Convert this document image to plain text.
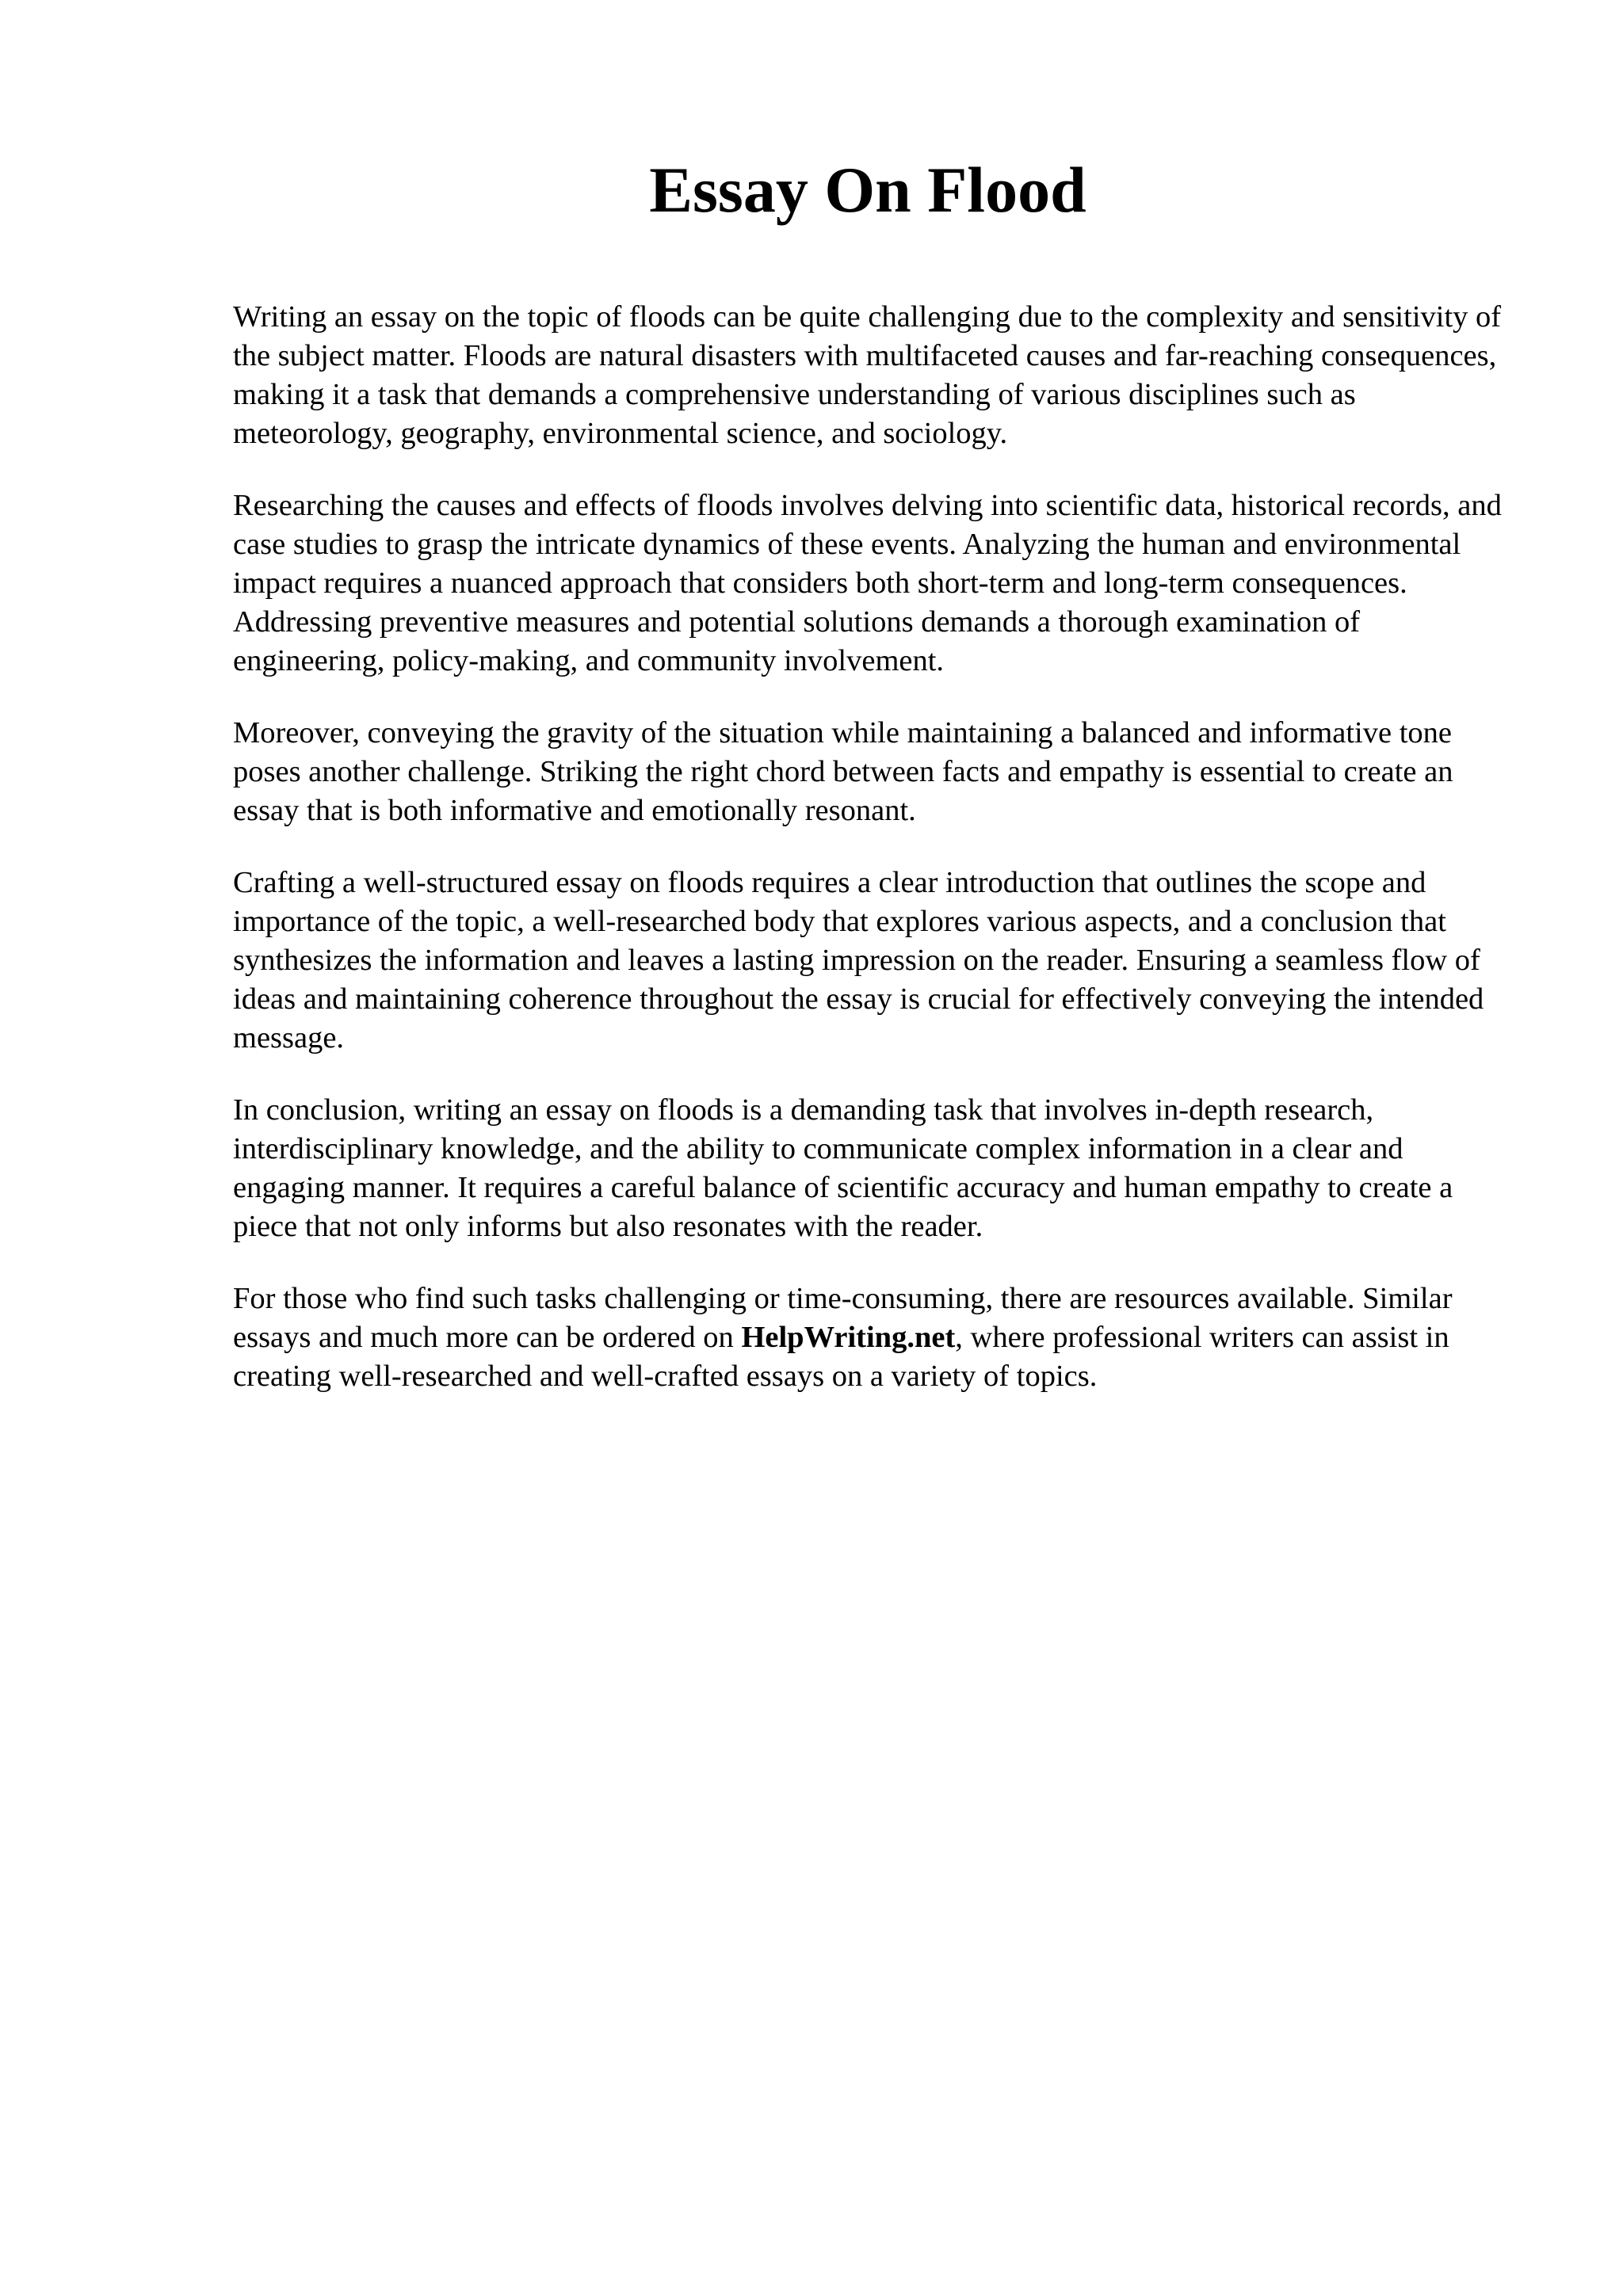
Essay On Flood

Writing an essay on the topic of floods can be quite challenging due to the complexity and sensitivity of the subject matter. Floods are natural disasters with multifaceted causes and far-reaching consequences, making it a task that demands a comprehensive understanding of various disciplines such as meteorology, geography, environmental science, and sociology.

Researching the causes and effects of floods involves delving into scientific data, historical records, and case studies to grasp the intricate dynamics of these events. Analyzing the human and environmental impact requires a nuanced approach that considers both short-term and long-term consequences. Addressing preventive measures and potential solutions demands a thorough examination of engineering, policy-making, and community involvement.

Moreover, conveying the gravity of the situation while maintaining a balanced and informative tone poses another challenge. Striking the right chord between facts and empathy is essential to create an essay that is both informative and emotionally resonant.

Crafting a well-structured essay on floods requires a clear introduction that outlines the scope and importance of the topic, a well-researched body that explores various aspects, and a conclusion that synthesizes the information and leaves a lasting impression on the reader. Ensuring a seamless flow of ideas and maintaining coherence throughout the essay is crucial for effectively conveying the intended message.

In conclusion, writing an essay on floods is a demanding task that involves in-depth research, interdisciplinary knowledge, and the ability to communicate complex information in a clear and engaging manner. It requires a careful balance of scientific accuracy and human empathy to create a piece that not only informs but also resonates with the reader.

For those who find such tasks challenging or time-consuming, there are resources available. Similar essays and much more can be ordered on HelpWriting.net, where professional writers can assist in creating well-researched and well-crafted essays on a variety of topics.
